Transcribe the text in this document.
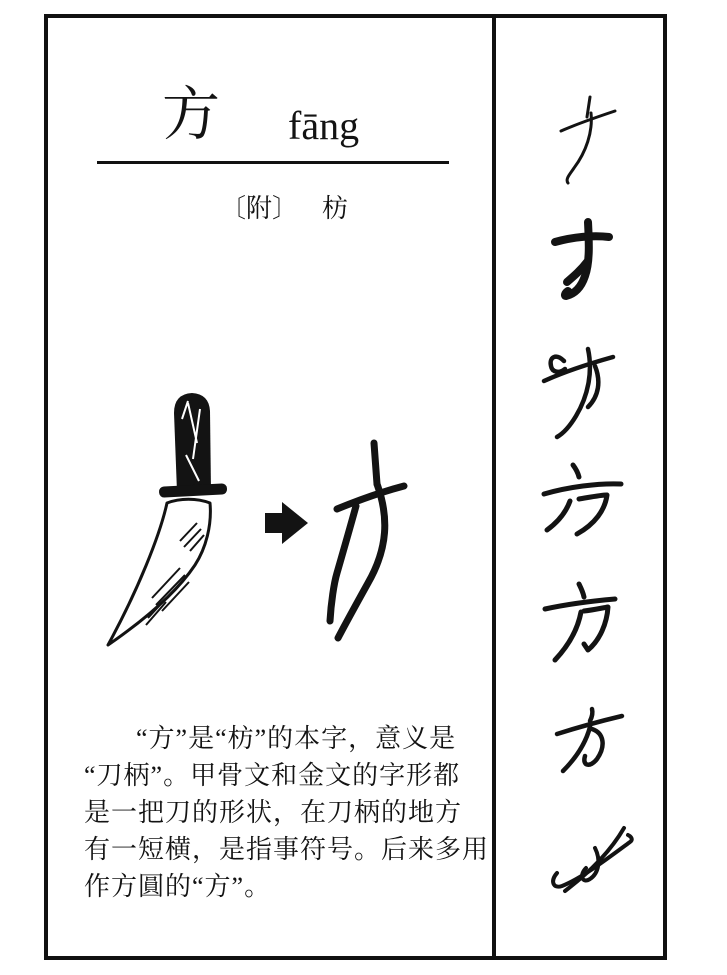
方 fāng
〔附〕 枋
“方”是“枋”的本字，意义是
“刀柄”。甲骨文和金文的字形都
是一把刀的形状，在刀柄的地方
有一短横，是指事符号。后来多用
作方圓的“方”。
